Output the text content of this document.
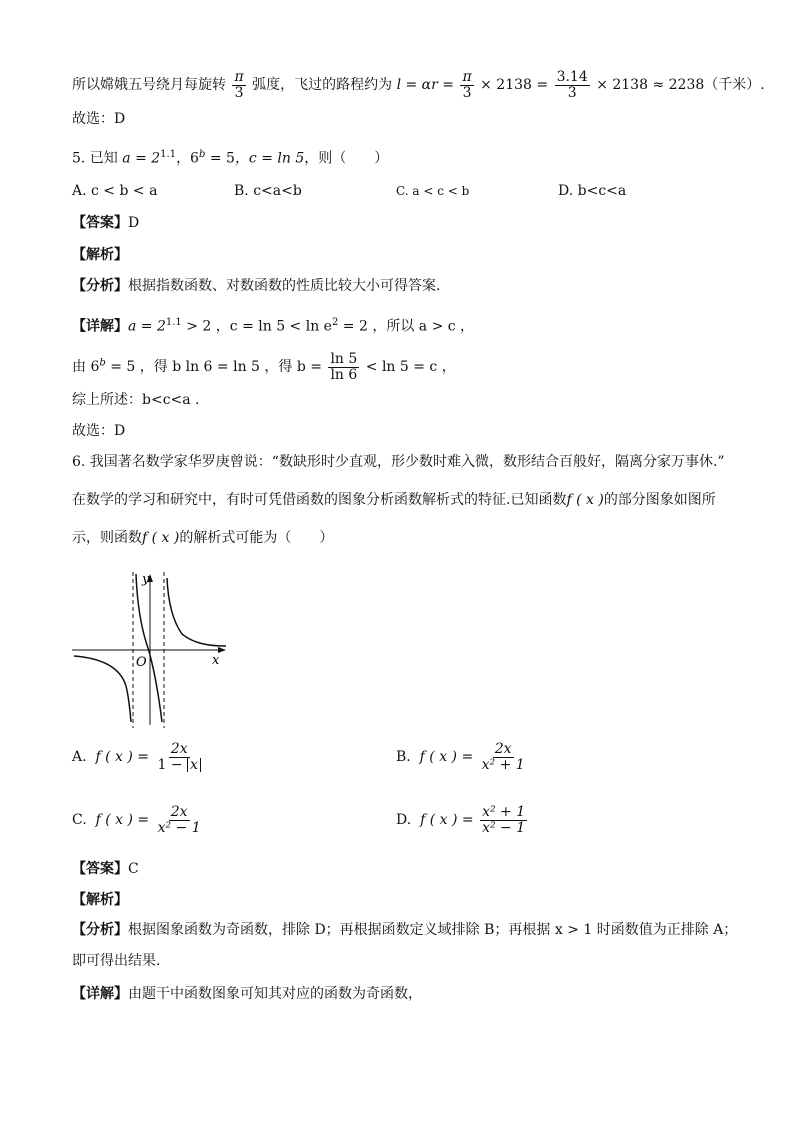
所以嫦娥五号绕月每旋转 $\frac{\pi}{3}$ 弧度，飞过的路程约为 $l = \alpha r = \frac{\pi}{3} \times 2138 = \frac{3.14}{3} \times 2138 \approx 2238$（千米）.
故选：D
5. 已知 $a = 2^{1.1}$，$6^b = 5$，c = ln 5，则（　　）
A. c < b < a	B. c<a<b	C. a < c < b	D. b<c<a
【答案】D
【解析】
【分析】根据指数函数、对数函数的性质比较大小可得答案.
【详解】$a = 2^{1.1} > 2$ ，$c = \ln 5 < \ln e^2 = 2$ ，所以 a > c ，
由 $6^b = 5$ ，得 b ln 6 = ln 5 ，得 $b = \frac{\ln 5}{\ln 6} < \ln 5 = c$ ，
综上所述：b<c<a .
故选：D
6. 我国著名数学家华罗庚曾说：“数缺形时少直观，形少数时难入微，数形结合百般好，隔离分家万事休.”
在数学的学习和研究中，有时可凭借函数的图象分析函数解析式的特征.已知函数f ( x )的部分图象如图所
示，则函数f ( x )的解析式可能为（　　）
y
x
O
A. f ( x ) = $\frac{2x}{1 - x}$	B. f ( x ) = $\frac{2x}{\text{x² + 1}}$
C. f ( x ) = $\frac{2x}{\text{x² − 1}}$	D. f ( x ) = $\frac{\text{x² + 1}}{\text{x² − 1}}$
【答案】C
【解析】
【分析】根据图象函数为奇函数，排除 D；再根据函数定义域排除 B；再根据 x > 1 时函数值为正排除 A；
即可得出结果.
【详解】由题干中函数图象可知其对应的函数为奇函数，
